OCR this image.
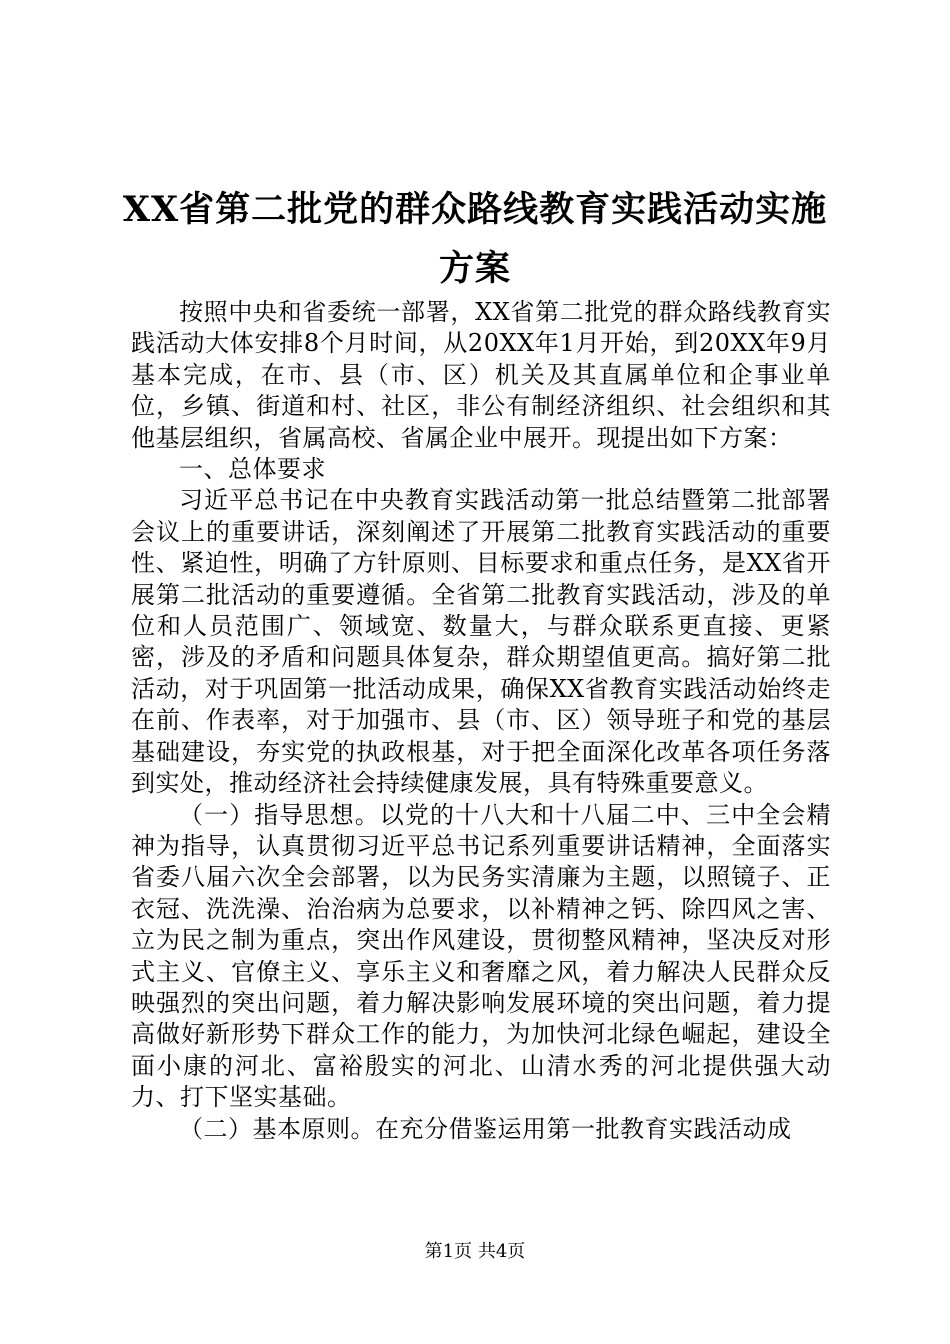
XX省第二批党的群众路线教育实践活动实施
方案

按照中央和省委统一部署，XX省第二批党的群众路线教育实践活动大体安排8个月时间，从20XX年1月开始，到20XX年9月基本完成，在市、县（市、区）机关及其直属单位和企事业单位，乡镇、街道和村、社区，非公有制经济组织、社会组织和其他基层组织，省属高校、省属企业中展开。现提出如下方案：

一、总体要求

习近平总书记在中央教育实践活动第一批总结暨第二批部署会议上的重要讲话，深刻阐述了开展第二批教育实践活动的重要性、紧迫性，明确了方针原则、目标要求和重点任务，是XX省开展第二批活动的重要遵循。全省第二批教育实践活动，涉及的单位和人员范围广、领域宽、数量大，与群众联系更直接、更紧密，涉及的矛盾和问题具体复杂，群众期望值更高。搞好第二批活动，对于巩固第一批活动成果，确保XX省教育实践活动始终走在前、作表率，对于加强市、县（市、区）领导班子和党的基层基础建设，夯实党的执政根基，对于把全面深化改革各项任务落到实处，推动经济社会持续健康发展，具有特殊重要意义。

（一）指导思想。以党的十八大和十八届二中、三中全会精神为指导，认真贯彻习近平总书记系列重要讲话精神，全面落实省委八届六次全会部署，以为民务实清廉为主题，以照镜子、正衣冠、洗洗澡、治治病为总要求，以补精神之钙、除四风之害、立为民之制为重点，突出作风建设，贯彻整风精神，坚决反对形式主义、官僚主义、享乐主义和奢靡之风，着力解决人民群众反映强烈的突出问题，着力解决影响发展环境的突出问题，着力提高做好新形势下群众工作的能力，为加快河北绿色崛起，建设全面小康的河北、富裕殷实的河北、山清水秀的河北提供强大动力、打下坚实基础。

（二）基本原则。在充分借鉴运用第一批教育实践活动成

第1页 共4页
